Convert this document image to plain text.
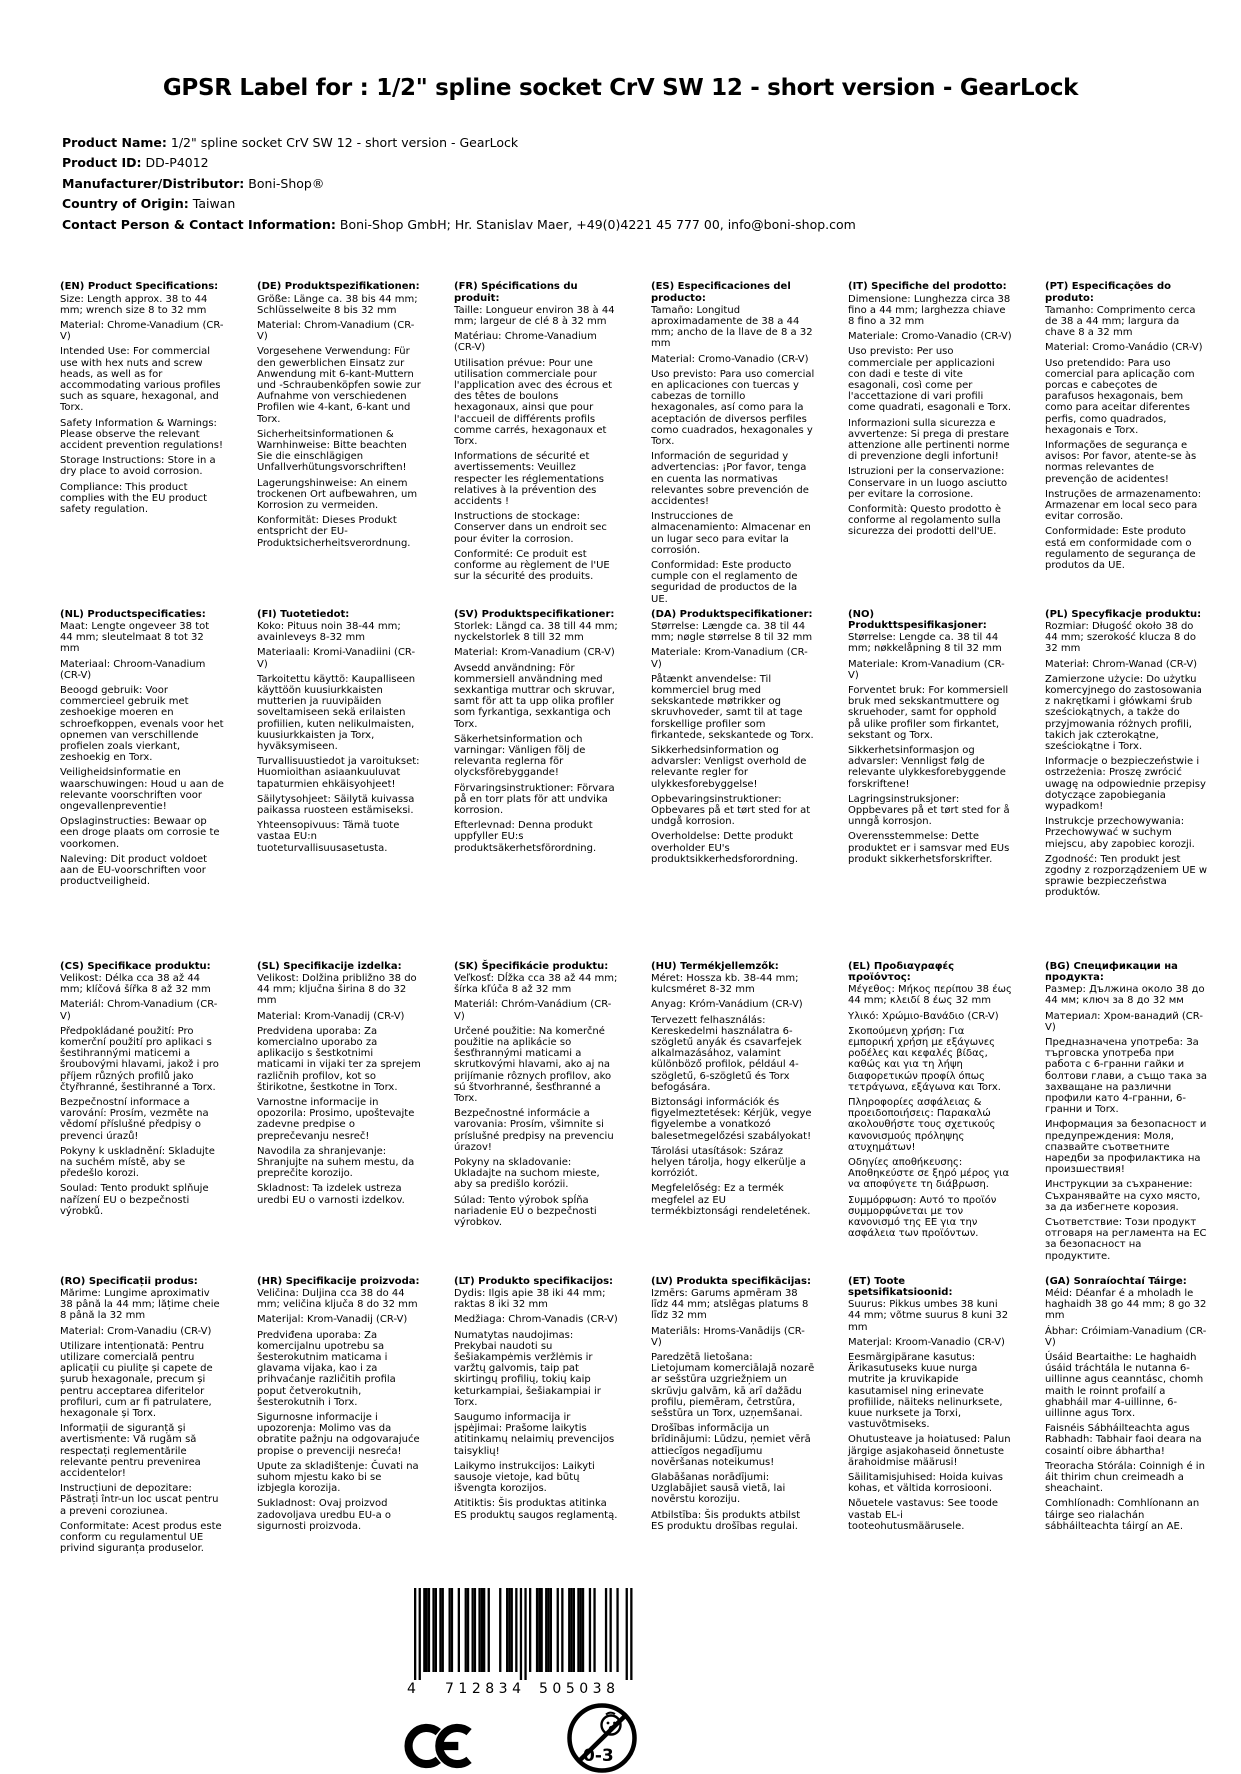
GPSR Label for : 1/2" spline socket CrV SW 12 - short version - GearLock
Product Name: 1/2" spline socket CrV SW 12 - short version - GearLock
Product ID: DD-P4012
Manufacturer/Distributor: Boni-Shop®
Country of Origin: Taiwan
Contact Person & Contact Information: Boni-Shop GmbH; Hr. Stanislav Maer, +49(0)4221 45 777 00, info@boni-shop.com
(EN) Product Specifications:

Size: Length approx. 38 to 44 mm; wrench size 8 to 32 mm

Material: Chrome-Vanadium (CR-V)

Intended Use: For commercial use with hex nuts and screw heads, as well as for accommodating various profiles such as square, hexagonal, and Torx.

Safety Information & Warnings: Please observe the relevant accident prevention regulations!

Storage Instructions: Store in a dry place to avoid corrosion.

Compliance: This product complies with the EU product safety regulation.

(DE) Produktspezifikationen:

Größe: Länge ca. 38 bis 44 mm; Schlüsselweite 8 bis 32 mm

Material: Chrom-Vanadium (CR-V)

Vorgesehene Verwendung: Für den gewerblichen Einsatz zur Anwendung mit 6-kant-Muttern und -Schraubenköpfen sowie zur Aufnahme von verschiedenen Profilen wie 4-kant, 6-kant und Torx.

Sicherheitsinformationen & Warnhinweise: Bitte beachten Sie die einschlägigen Unfallverhütungsvorschriften!

Lagerungshinweise: An einem trockenen Ort aufbewahren, um Korrosion zu vermeiden.

Konformität: Dieses Produkt entspricht der EU-Produktsicherheitsverordnung.

(FR) Spécifications du produit:

Taille: Longueur environ 38 à 44 mm; largeur de clé 8 à 32 mm

Matériau: Chrome-Vanadium (CR-V)

Utilisation prévue: Pour une utilisation commerciale pour l'application avec des écrous et des têtes de boulons hexagonaux, ainsi que pour l'accueil de différents profils comme carrés, hexagonaux et Torx.

Informations de sécurité et avertissements: Veuillez respecter les réglementations relatives à la prévention des accidents !

Instructions de stockage: Conserver dans un endroit sec pour éviter la corrosion.

Conformité: Ce produit est conforme au règlement de l'UE sur la sécurité des produits.

(ES) Especificaciones del producto:

Tamaño: Longitud aproximadamente de 38 a 44 mm; ancho de la llave de 8 a 32 mm

Material: Cromo-Vanadio (CR-V)

Uso previsto: Para uso comercial en aplicaciones con tuercas y cabezas de tornillo hexagonales, así como para la aceptación de diversos perfiles como cuadrados, hexagonales y Torx.

Información de seguridad y advertencias: ¡Por favor, tenga en cuenta las normativas relevantes sobre prevención de accidentes!

Instrucciones de almacenamiento: Almacenar en un lugar seco para evitar la corrosión.

Conformidad: Este producto cumple con el reglamento de seguridad de productos de la UE.

(IT) Specifiche del prodotto:

Dimensione: Lunghezza circa 38 fino a 44 mm; larghezza chiave 8 fino a 32 mm

Materiale: Cromo-Vanadio (CR-V)

Uso previsto: Per uso commerciale per applicazioni con dadi e teste di vite esagonali, così come per l'accettazione di vari profili come quadrati, esagonali e Torx.

Informazioni sulla sicurezza e avvertenze: Si prega di prestare attenzione alle pertinenti norme di prevenzione degli infortuni!

Istruzioni per la conservazione: Conservare in un luogo asciutto per evitare la corrosione.

Conformità: Questo prodotto è conforme al regolamento sulla sicurezza dei prodotti dell'UE.

(PT) Especificações do produto:

Tamanho: Comprimento cerca de 38 a 44 mm; largura da chave 8 a 32 mm

Material: Cromo-Vanádio (CR-V)

Uso pretendido: Para uso comercial para aplicação com porcas e cabeçotes de parafusos hexagonais, bem como para aceitar diferentes perfis, como quadrados, hexagonais e Torx.

Informações de segurança e avisos: Por favor, atente-se às normas relevantes de prevenção de acidentes!

Instruções de armazenamento: Armazenar em local seco para evitar corrosão.

Conformidade: Este produto está em conformidade com o regulamento de segurança de produtos da UE.

(NL) Productspecificaties:

Maat: Lengte ongeveer 38 tot 44 mm; sleutelmaat 8 tot 32 mm

Materiaal: Chroom-Vanadium (CR-V)

Beoogd gebruik: Voor commercieel gebruik met zeshoekige moeren en schroefkoppen, evenals voor het opnemen van verschillende profielen zoals vierkant, zeshoekig en Torx.

Veiligheidsinformatie en waarschuwingen: Houd u aan de relevante voorschriften voor ongevallenpreventie!

Opslaginstructies: Bewaar op een droge plaats om corrosie te voorkomen.

Naleving: Dit product voldoet aan de EU-voorschriften voor productveiligheid.

(FI) Tuotetiedot:

Koko: Pituus noin 38-44 mm; avainleveys 8-32 mm

Materiaali: Kromi-Vanadiini (CR-V)

Tarkoitettu käyttö: Kaupalliseen käyttöön kuusiurkkaisten mutterien ja ruuvipäiden soveltamiseen sekä erilaisten profiilien, kuten nelikulmaisten, kuusiurkkaisten ja Torx, hyväksymiseen.

Turvallisuustiedot ja varoitukset: Huomioithan asiaankuuluvat tapaturmien ehkäisyohjeet!

Säilytysohjeet: Säilytä kuivassa paikassa ruosteen estämiseksi.

Yhteensopivuus: Tämä tuote vastaa EU:n tuoteturvallisuusasetusta.

(SV) Produktspecifikationer:

Storlek: Längd ca. 38 till 44 mm; nyckelstorlek 8 till 32 mm

Material: Krom-Vanadium (CR-V)

Avsedd användning: För kommersiell användning med sexkantiga muttrar och skruvar, samt för att ta upp olika profiler som fyrkantiga, sexkantiga och Torx.

Säkerhetsinformation och varningar: Vänligen följ de relevanta reglerna för olycksförebyggande!

Förvaringsinstruktioner: Förvara på en torr plats för att undvika korrosion.

Efterlevnad: Denna produkt uppfyller EU:s produktsäkerhetsförordning.

(DA) Produktspecifikationer:

Størrelse: Længde ca. 38 til 44 mm; nøgle størrelse 8 til 32 mm

Materiale: Krom-Vanadium (CR-V)

Påtænkt anvendelse: Til kommerciel brug med sekskantede møtrikker og skruvhoveder, samt til at tage forskellige profiler som firkantede, sekskantede og Torx.

Sikkerhedsinformation og advarsler: Venligst overhold de relevante regler for ulykkesforebyggelse!

Opbevaringsinstruktioner: Opbevares på et tørt sted for at undgå korrosion.

Overholdelse: Dette produkt overholder EU's produktsikkerhedsforordning.

(NO) Produkttspesifikasjoner:

Størrelse: Lengde ca. 38 til 44 mm; nøkkelåpning 8 til 32 mm

Materiale: Krom-Vanadium (CR-V)

Forventet bruk: For kommersiell bruk med sekskantmuttere og skruehoder, samt for opphold på ulike profiler som firkantet, sekstant og Torx.

Sikkerhetsinformasjon og advarsler: Vennligst følg de relevante ulykkesforebyggende forskriftene!

Lagringsinstruksjoner: Oppbevares på et tørt sted for å unngå korrosjon.

Overensstemmelse: Dette produktet er i samsvar med EUs produkt sikkerhetsforskrifter.

(PL) Specyfikacje produktu:

Rozmiar: Długość około 38 do 44 mm; szerokość klucza 8 do 32 mm

Materiał: Chrom-Wanad (CR-V)

Zamierzone użycie: Do użytku komercyjnego do zastosowania z nakrętkami i główkami śrub sześciokątnych, a także do przyjmowania różnych profili, takich jak czterokątne, sześciokątne i Torx.

Informacje o bezpieczeństwie i ostrzeżenia: Proszę zwrócić uwagę na odpowiednie przepisy dotyczące zapobiegania wypadkom!

Instrukcje przechowywania: Przechowywać w suchym miejscu, aby zapobiec korozji.

Zgodność: Ten produkt jest zgodny z rozporządzeniem UE w sprawie bezpieczeństwa produktów.

(CS) Specifikace produktu:

Velikost: Délka cca 38 až 44 mm; klíčová šířka 8 až 32 mm

Materiál: Chrom-Vanadium (CR-V)

Předpokládané použití: Pro komerční použití pro aplikaci s šestihrannými maticemi a šroubovými hlavami, jakož i pro příjem různých profilů jako čtyřhranné, šestihranné a Torx.

Bezpečnostní informace a varování: Prosím, vezměte na vědomí příslušné předpisy o prevenci úrazů!

Pokyny k uskladnění: Skladujte na suchém místě, aby se předešlo korozi.

Soulad: Tento produkt splňuje nařízení EU o bezpečnosti výrobků.

(SL) Specifikacije izdelka:

Velikost: Dolžina približno 38 do 44 mm; ključna širina 8 do 32 mm

Material: Krom-Vanadij (CR-V)

Predvidena uporaba: Za komercialno uporabo za aplikacijo s šestkotnimi maticami in vijaki ter za sprejem različnih profilov, kot so štirikotne, šestkotne in Torx.

Varnostne informacije in opozorila: Prosimo, upoštevajte zadevne predpise o preprečevanju nesreč!

Navodila za shranjevanje: Shranjujte na suhem mestu, da preprečite korozijo.

Skladnost: Ta izdelek ustreza uredbi EU o varnosti izdelkov.

(SK) Špecifikácie produktu:

Veľkosť: Dĺžka cca 38 až 44 mm; šírka kľúča 8 až 32 mm

Materiál: Chróm-Vanádium (CR-V)

Určené použitie: Na komerčné použitie na aplikácie so šesťhrannými maticami a skrutkovými hlavami, ako aj na prijímanie rôznych profilov, ako sú štvorhranné, šesťhranné a Torx.

Bezpečnostné informácie a varovania: Prosím, všimnite si príslušné predpisy na prevenciu úrazov!

Pokyny na skladovanie: Ukladajte na suchom mieste, aby sa predišlo korózii.

Súlad: Tento výrobok spĺňa nariadenie EÚ o bezpečnosti výrobkov.

(HU) Termékjellemzők:

Méret: Hossza kb. 38-44 mm; kulcsméret 8-32 mm

Anyag: Króm-Vanádium (CR-V)

Tervezett felhasználás: Kereskedelmi használatra 6-szögletű anyák és csavarfejek alkalmazásához, valamint különböző profilok, például 4-szögletű, 6-szögletű és Torx befogására.

Biztonsági információk és figyelmeztetések: Kérjük, vegye figyelembe a vonatkozó balesetmegelőzési szabályokat!

Tárolási utasítások: Száraz helyen tárolja, hogy elkerülje a korróziót.

Megfelelőség: Ez a termék megfelel az EU termékbiztonsági rendeletének.

(EL) Προδιαγραφές προϊόντος:

Μέγεθος: Μήκος περίπου 38 έως 44 mm; κλειδί 8 έως 32 mm

Υλικό: Χρώμιο-Βανάδιο (CR-V)

Σκοπούμενη χρήση: Για εμπορική χρήση με εξάγωνες ροδέλες και κεφαλές βίδας, καθώς και για τη λήψη διαφορετικών προφίλ όπως τετράγωνα, εξάγωνα και Torx.

Πληροφορίες ασφάλειας & προειδοποιήσεις: Παρακαλώ ακολουθήστε τους σχετικούς κανονισμούς πρόληψης ατυχημάτων!

Οδηγίες αποθήκευσης: Αποθηκεύστε σε ξηρό μέρος για να αποφύγετε τη διάβρωση.

Συμμόρφωση: Αυτό το προϊόν συμμορφώνεται με τον κανονισμό της ΕΕ για την ασφάλεια των προϊόντων.

(BG) Спецификации на продукта:

Размер: Дължина около 38 до 44 мм; ключ за 8 до 32 мм

Материал: Хром-ванадий (CR-V)

Предназначена употреба: За търговска употреба при работа с 6-гранни гайки и болтови глави, а също така за захващане на различни профили като 4-гранни, 6-гранни и Torx.

Информация за безопасност и предупреждения: Моля, спазвайте съответните наредби за профилактика на произшествия!

Инструкции за съхранение: Съхранявайте на сухо място, за да избегнете корозия.

Съответствие: Този продукт отговаря на регламента на ЕС за безопасност на продуктите.

(RO) Specificații produs:

Mărime: Lungime aproximativ 38 până la 44 mm; lățime cheie 8 până la 32 mm

Material: Crom-Vanadiu (CR-V)

Utilizare intenționată: Pentru utilizare comercială pentru aplicații cu piulițe și capete de șurub hexagonale, precum și pentru acceptarea diferitelor profiluri, cum ar fi patrulatere, hexagonale și Torx.

Informații de siguranță și avertismente: Vă rugăm să respectați reglementările relevante pentru prevenirea accidentelor!

Instrucțiuni de depozitare: Păstrați într-un loc uscat pentru a preveni coroziunea.

Conformitate: Acest produs este conform cu regulamentul UE privind siguranța produselor.

(HR) Specifikacije proizvoda:

Veličina: Duljina cca 38 do 44 mm; veličina ključa 8 do 32 mm

Materijal: Krom-Vanadij (CR-V)

Predviđena uporaba: Za komercijalnu upotrebu sa šesterokutnim maticama i glavama vijaka, kao i za prihvaćanje različitih profila poput četverokutnih, šesterokutnih i Torx.

Sigurnosne informacije i upozorenja: Molimo vas da obratite pažnju na odgovarajuće propise o prevenciji nesreća!

Upute za skladištenje: Čuvati na suhom mjestu kako bi se izbjegla korozija.

Sukladnost: Ovaj proizvod zadovoljava uredbu EU-a o sigurnosti proizvoda.

(LT) Produkto specifikacijos:

Dydis: Ilgis apie 38 iki 44 mm; raktas 8 iki 32 mm

Medžiaga: Chrom-Vanadis (CR-V)

Numatytas naudojimas: Prekybai naudoti su šešiakampėmis veržlėmis ir varžtų galvomis, taip pat skirtingų profilių, tokių kaip keturkampiai, šešiakampiai ir Torx.

Saugumo informacija ir įspėjimai: Prašome laikytis atitinkamų nelaimių prevencijos taisyklių!

Laikymo instrukcijos: Laikyti sausoje vietoje, kad būtų išvengta korozijos.

Atitiktis: Šis produktas atitinka ES produktų saugos reglamentą.

(LV) Produkta specifikācijas:

Izmērs: Garums apmēram 38 līdz 44 mm; atslēgas platums 8 līdz 32 mm

Materiāls: Hroms-Vanādijs (CR-V)

Paredzētā lietošana: Lietojumam komerciālajā nozarē ar sešstūra uzgriežņiem un skrūvju galvām, kā arī dažādu profilu, piemēram, četrstūra, sešstūra un Torx, uzņemšanai.

Drošības informācija un brīdinājumi: Lūdzu, ņemiet vērā attiecīgos negadījumu novēršanas noteikumus!

Glabāšanas norādījumi: Uzglabājiet sausā vietā, lai novērstu koroziju.

Atbilstība: Šis produkts atbilst ES produktu drošības regulai.

(ET) Toote spetsifikatsioonid:

Suurus: Pikkus umbes 38 kuni 44 mm; võtme suurus 8 kuni 32 mm

Materjal: Kroom-Vanadio (CR-V)

Eesmärgipärane kasutus: Ärikasutuseks kuue nurga mutrite ja kruvikapide kasutamisel ning erinevate profiilide, näiteks nelinurksete, kuue nurksete ja Torxi, vastuvõtmiseks.

Ohutusteave ja hoiatused: Palun järgige asjakohaseid õnnetuste ärahoidmise määrusi!

Säilitamisjuhised: Hoida kuivas kohas, et vältida korrosiooni.

Nõuetele vastavus: See toode vastab EL-i tooteohutusmäärusele.

(GA) Sonraíochtaí Táirge:

Méid: Déanfar é a mholadh le haghaidh 38 go 44 mm; 8 go 32 mm

Ábhar: Cróimiam-Vanadium (CR-V)

Úsáid Beartaithe: Le haghaidh úsáid tráchtála le nutanna 6-uillinne agus ceanntásc, chomh maith le roinnt profailí a ghabháil mar 4-uillinne, 6-uillinne agus Torx.

Faisnéis Sábháilteachta agus Rabhadh: Tabhair faoi deara na cosaintí oibre ábhartha!

Treoracha Stórála: Coinnigh é in áit thirim chun creimeadh a sheachaint.

Comhlíonadh: Comhlíonann an táirge seo rialachán sábháilteachta táirgí an AE.

4 712834 505038
0-3
